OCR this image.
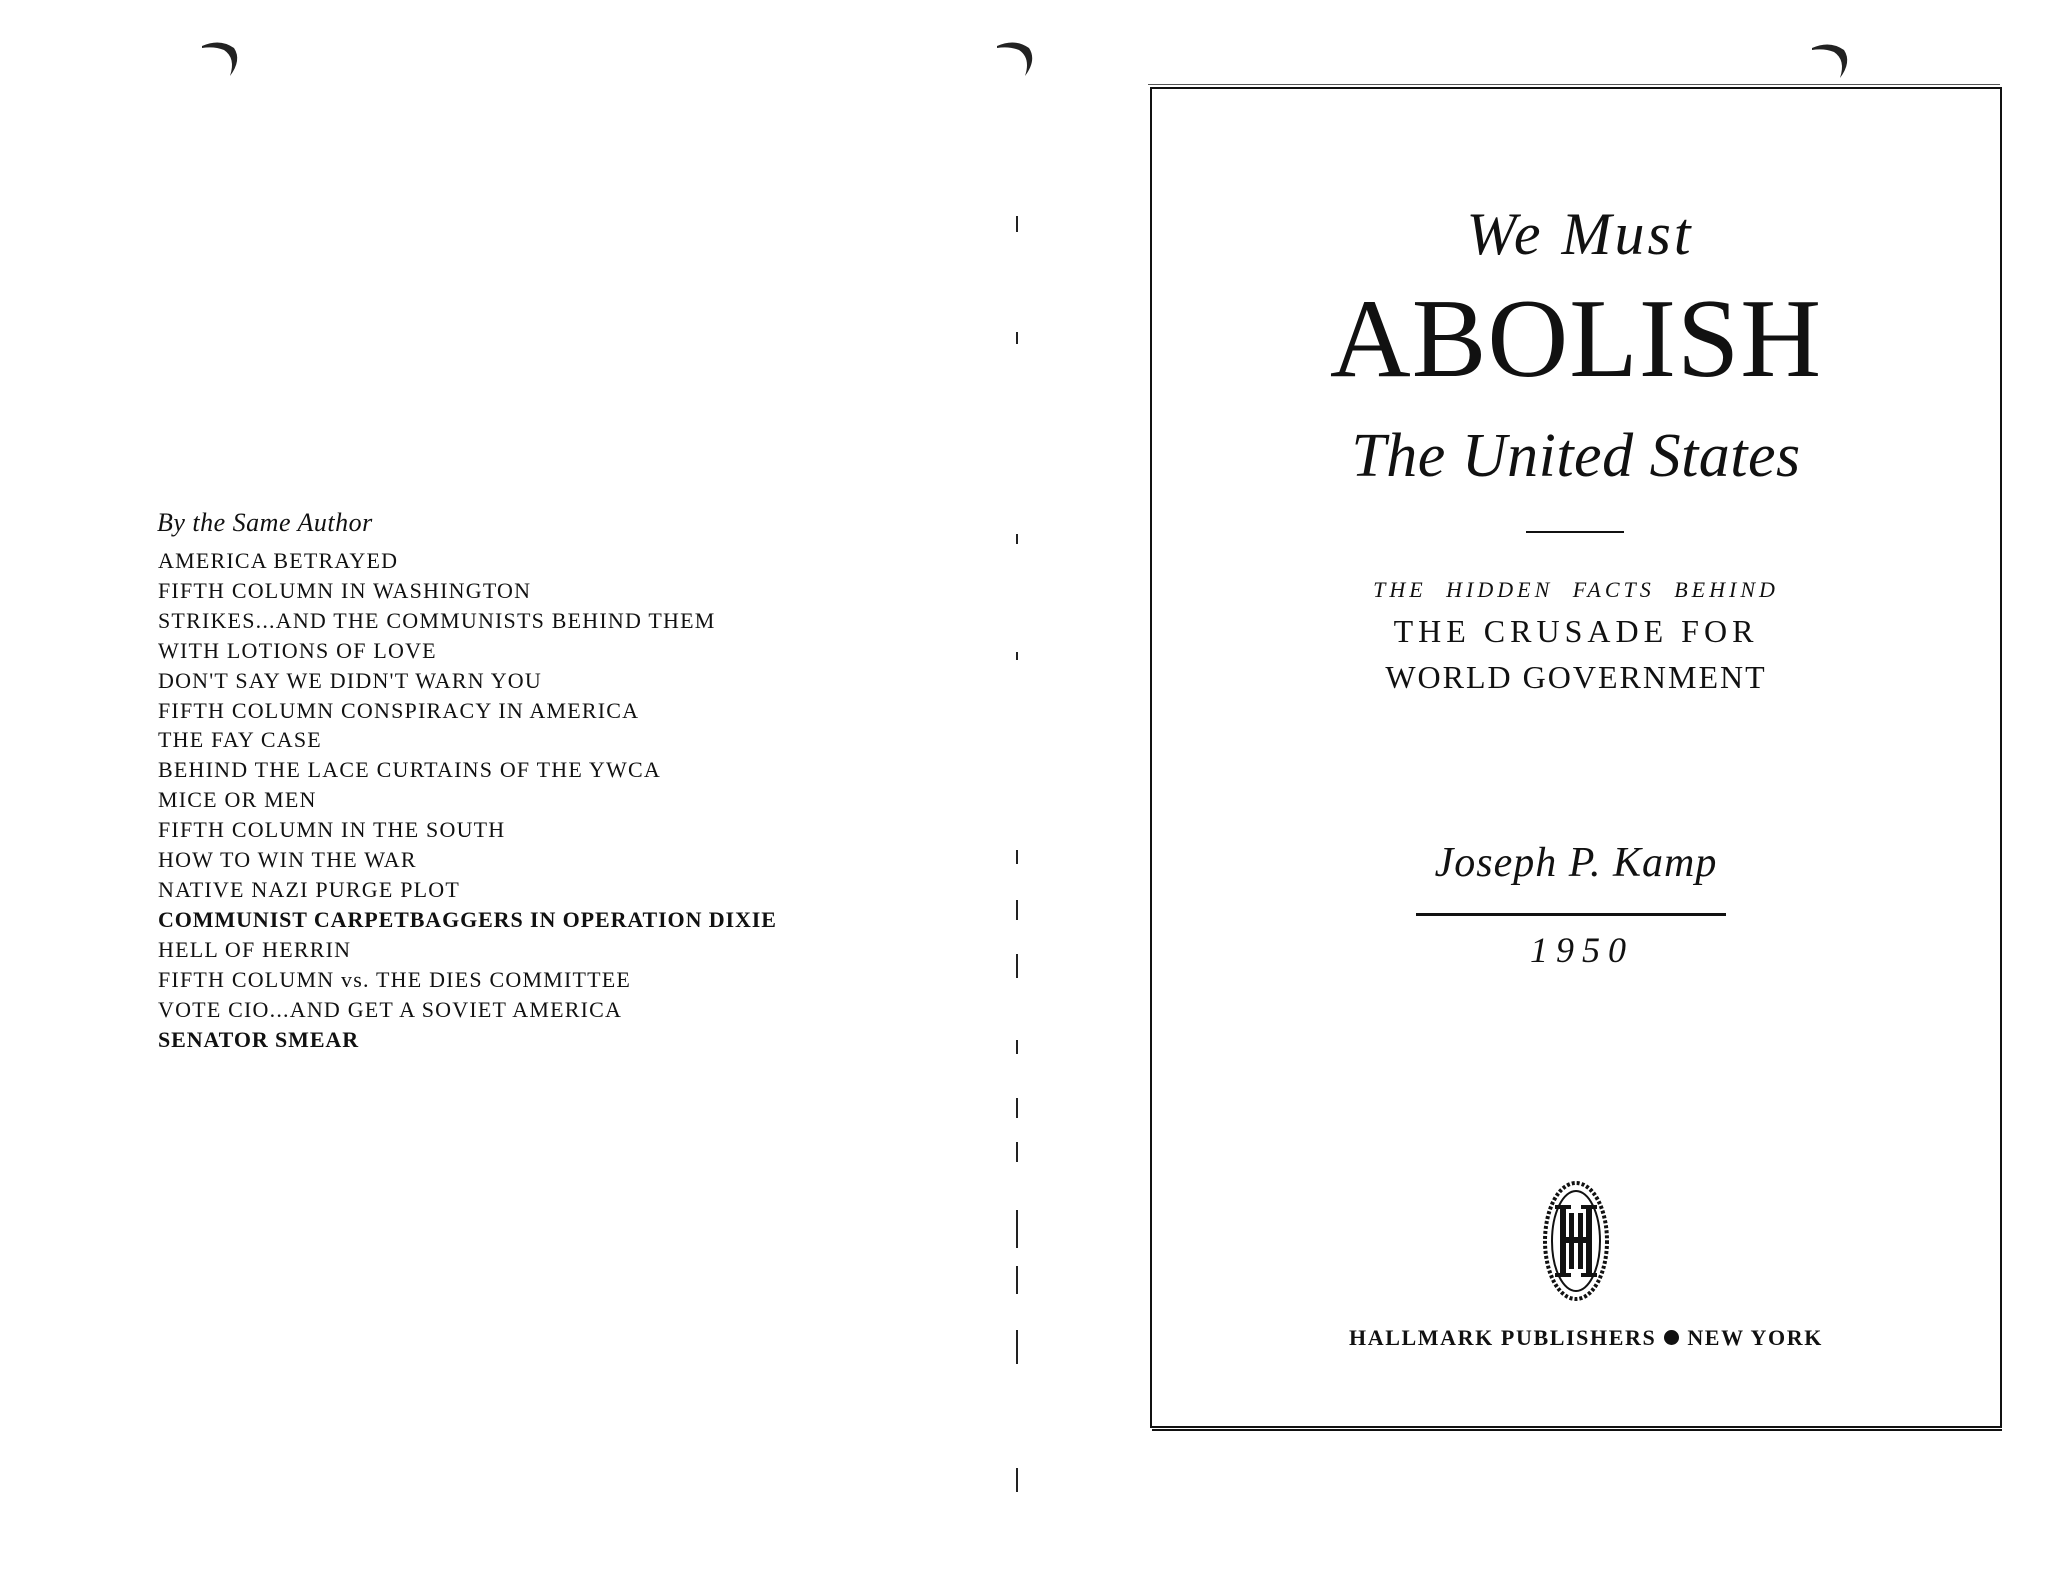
By the Same Author
AMERICA BETRAYED
FIFTH COLUMN IN WASHINGTON
STRIKES...AND THE COMMUNISTS BEHIND THEM
WITH LOTIONS OF LOVE
DON'T SAY WE DIDN'T WARN YOU
FIFTH COLUMN CONSPIRACY IN AMERICA
THE FAY CASE
BEHIND THE LACE CURTAINS OF THE YWCA
MICE OR MEN
FIFTH COLUMN IN THE SOUTH
HOW TO WIN THE WAR
NATIVE NAZI PURGE PLOT
COMMUNIST CARPETBAGGERS IN OPERATION DIXIE
HELL OF HERRIN
FIFTH COLUMN vs. THE DIES COMMITTEE
VOTE CIO...AND GET A SOVIET AMERICA
SENATOR SMEAR
We Must
ABOLISH
The United States
THE HIDDEN FACTS BEHIND
THE CRUSADE FOR
WORLD GOVERNMENT
Joseph P. Kamp
1950
HALLMARK PUBLISHERS NEW YORK
